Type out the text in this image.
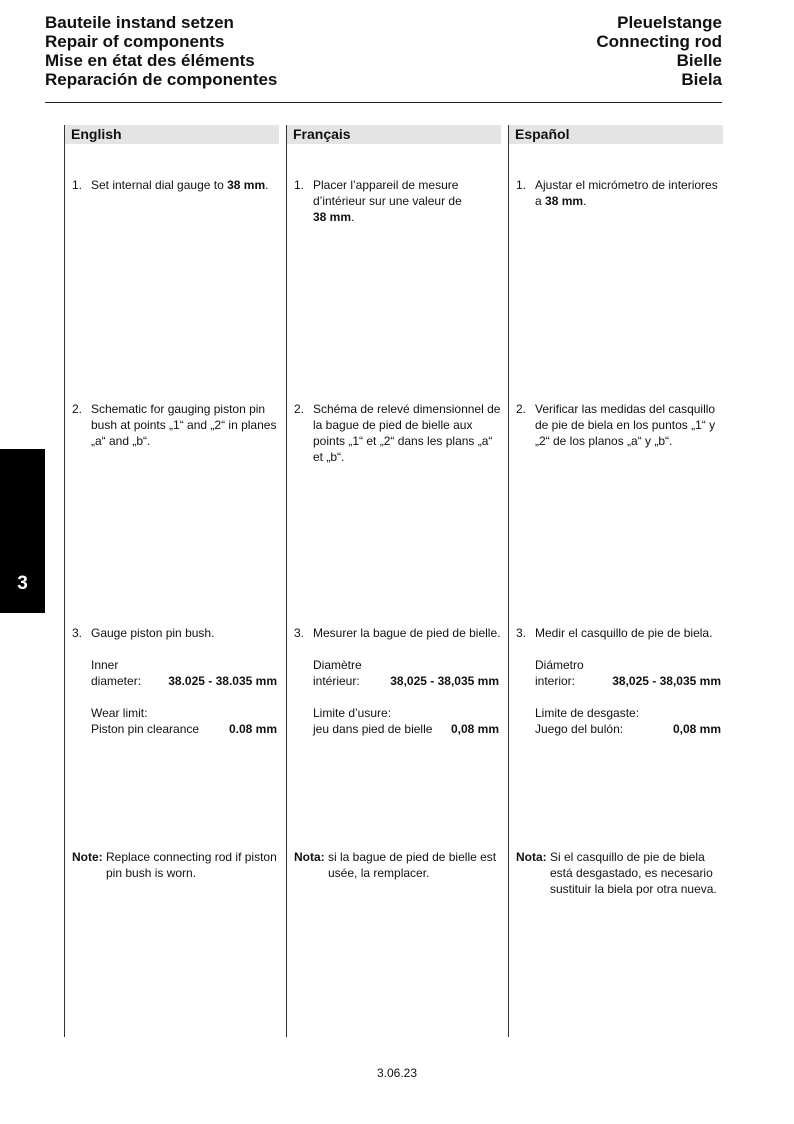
Bauteile instand setzen
Repair of components
Mise en état des éléments
Reparación de componentes
Pleuelstange
Connecting rod
Bielle
Biela
3
English	Français	Español
1. Set internal dial gauge to 38 mm.
2. Schematic for gauging piston pin bush at points „1“ and „2“ in planes „a“ and „b“.
3. Gauge piston pin bush.
Inner
diameter: 38.025 - 38.035 mm
Wear limit:
Piston pin clearance 0.08 mm
Note: Replace connecting rod if piston pin bush is worn.
1. Placer l’appareil de mesure d’intérieur sur une valeur de 38 mm.
2. Schéma de relevé dimensionnel de la bague de pied de bielle aux points „1“ et „2“ dans les plans „a“ et „b“.
3. Mesurer la bague de pied de bielle.
Diamètre
intérieur:	38,025 - 38,035 mm
Limite d’usure:
jeu dans pied de bielle 0,08 mm
Nota: si la bague de pied de bielle est usée, la remplacer.
1. Ajustar el micrómetro de interiores a 38 mm.
2. Verificar las medidas del casquillo de pie de biela en los puntos „1“ y „2“ de los planos „a“ y „b“.
3. Medir el casquillo de pie de biela.
Diámetro
interior:	38,025 - 38,035 mm
Limite de desgaste:
Juego del bulón:	0,08 mm
Nota: Si el casquillo de pie de biela está desgastado, es necesario sustituir la biela por otra nueva.
3.06.23
